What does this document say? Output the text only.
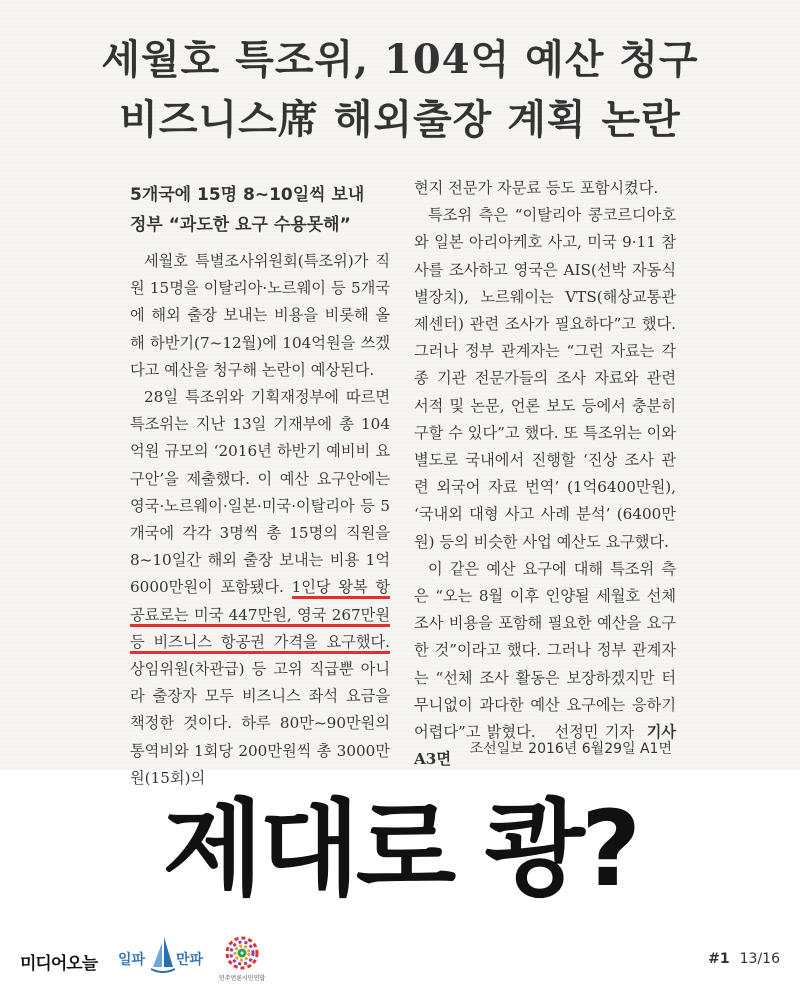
세월호 특조위, 104억 예산 청구
비즈니스席 해외출장 계획 논란
5개국에 15명 8~10일씩 보내
정부 “과도한 요구 수용못해”

세월호 특별조사위원회(특조위)가 직원 15명을 이탈리아·노르웨이 등 5개국에 해외 출장 보내는 비용을 비롯해 올해 하반기(7~12월)에 104억원을 쓰겠다고 예산을 청구해 논란이 예상된다.

28일 특조위와 기획재정부에 따르면 특조위는 지난 13일 기재부에 총 104억원 규모의 ‘2016년 하반기 예비비 요구안’을 제출했다. 이 예산 요구안에는 영국·노르웨이·일본·미국·이탈리아 등 5개국에 각각 3명씩 총 15명의 직원을 8~10일간 해외 출장 보내는 비용 1억6000만원이 포함됐다. 1인당 왕복 항공료로는 미국 447만원, 영국 267만원 등 비즈니스 항공권 가격을 요구했다. 상임위원(차관급) 등 고위 직급뿐 아니라 출장자 모두 비즈니스 좌석 요금을 책정한 것이다. 하루 80만~90만원의 통역비와 1회당 200만원씩 총 3000만원(15회)의

현지 전문가 자문료 등도 포함시켰다.

특조위 측은 “이탈리아 콩코르디아호와 일본 아리아케호 사고, 미국 9·11 참사를 조사하고 영국은 AIS(선박 자동식별장치), 노르웨이는 VTS(해상교통관제센터) 관련 조사가 필요하다”고 했다. 그러나 정부 관계자는 “그런 자료는 각종 기관 전문가들의 조사 자료와 관련 서적 및 논문, 언론 보도 등에서 충분히 구할 수 있다”고 했다. 또 특조위는 이와 별도로 국내에서 진행할 ‘진상 조사 관련 외국어 자료 번역’ (1억6400만원), ‘국내외 대형 사고 사례 분석’ (6400만원) 등의 비슷한 사업 예산도 요구했다.

이 같은 예산 요구에 대해 특조위 측은 “오는 8월 이후 인양될 세월호 선체 조사 비용을 포함해 필요한 예산을 요구한 것”이라고 했다. 그러나 정부 관계자는 “선체 조사 활동은 보장하겠지만 터무니없이 과다한 예산 요구에는 응하기 어렵다”고 밝혔다. 선정민 기자 기사 A3면

조선일보 2016년 6월29일 A1면
제대로 쾅?
미디어오늘 일파 만파
민주언론시민연합
#1 13/16
